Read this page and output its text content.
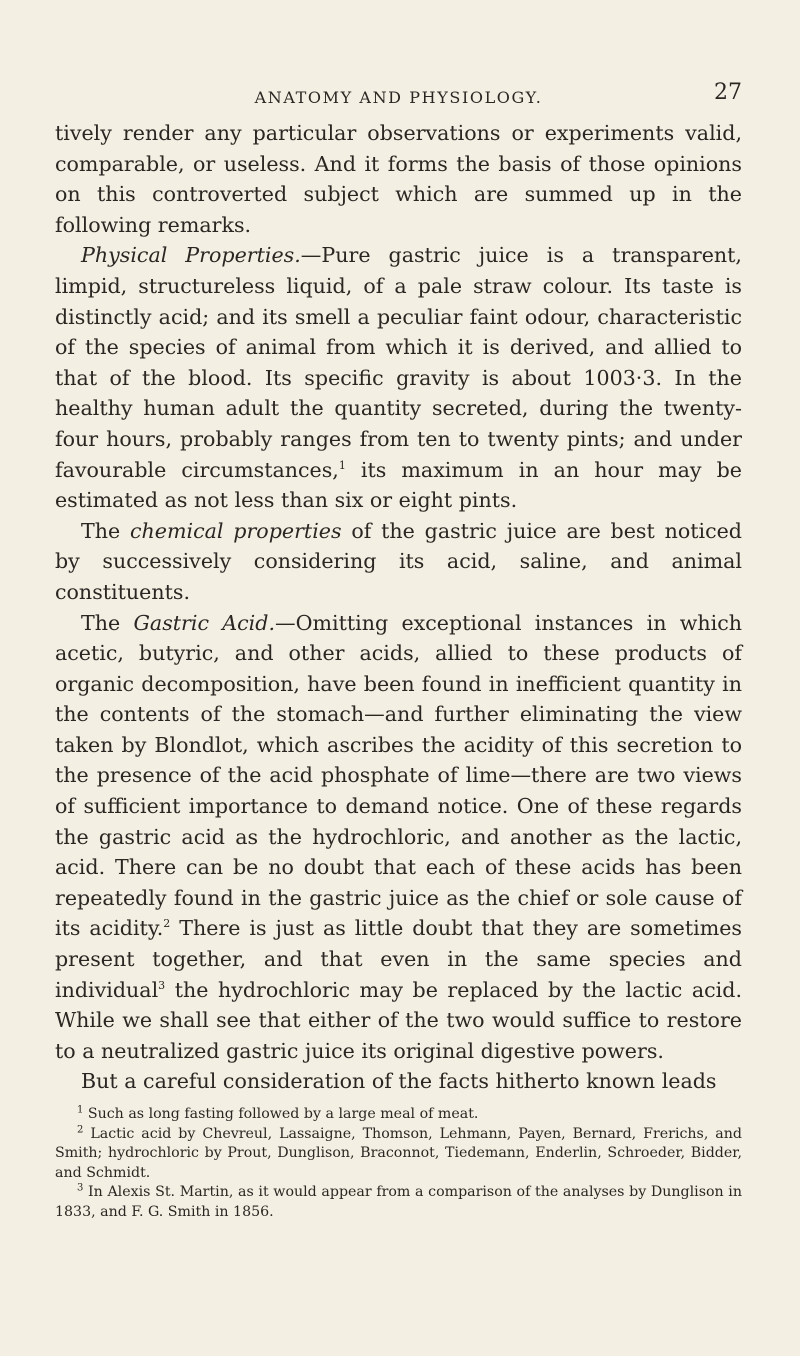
ANATOMY AND PHYSIOLOGY.	27

tively render any particular observations or experiments valid, comparable, or useless. And it forms the basis of those opinions on this controverted subject which are summed up in the following remarks.

Physical Properties.—Pure gastric juice is a transparent, limpid, structureless liquid, of a pale straw colour. Its taste is distinctly acid; and its smell a peculiar faint odour, characteristic of the species of animal from which it is derived, and allied to that of the blood. Its specific gravity is about 1003·3. In the healthy human adult the quantity secreted, during the twenty-four hours, probably ranges from ten to twenty pints; and under favourable circumstances,$^1$ its maximum in an hour may be estimated as not less than six or eight pints.

The chemical properties of the gastric juice are best noticed by successively considering its acid, saline, and animal constituents.

The Gastric Acid.—Omitting exceptional instances in which acetic, butyric, and other acids, allied to these products of organic decomposition, have been found in inefficient quantity in the contents of the stomach—and further eliminating the view taken by Blondlot, which ascribes the acidity of this secretion to the presence of the acid phosphate of lime—there are two views of sufficient importance to demand notice. One of these regards the gastric acid as the hydrochloric, and another as the lactic, acid. There can be no doubt that each of these acids has been repeatedly found in the gastric juice as the chief or sole cause of its acidity.$^2$ There is just as little doubt that they are sometimes present together, and that even in the same species and individual$^3$ the hydrochloric may be replaced by the lactic acid. While we shall see that either of the two would suffice to restore to a neutralized gastric juice its original digestive powers.

But a careful consideration of the facts hitherto known leads

$^1$ Such as long fasting followed by a large meal of meat.

$^2$ Lactic acid by Chevreul, Lassaigne, Thomson, Lehmann, Payen, Bernard, Frerichs, and Smith; hydrochloric by Prout, Dunglison, Braconnot, Tiedemann, Enderlin, Schroeder, Bidder, and Schmidt.

$^3$ In Alexis St. Martin, as it would appear from a comparison of the analyses by Dunglison in 1833, and F. G. Smith in 1856.
